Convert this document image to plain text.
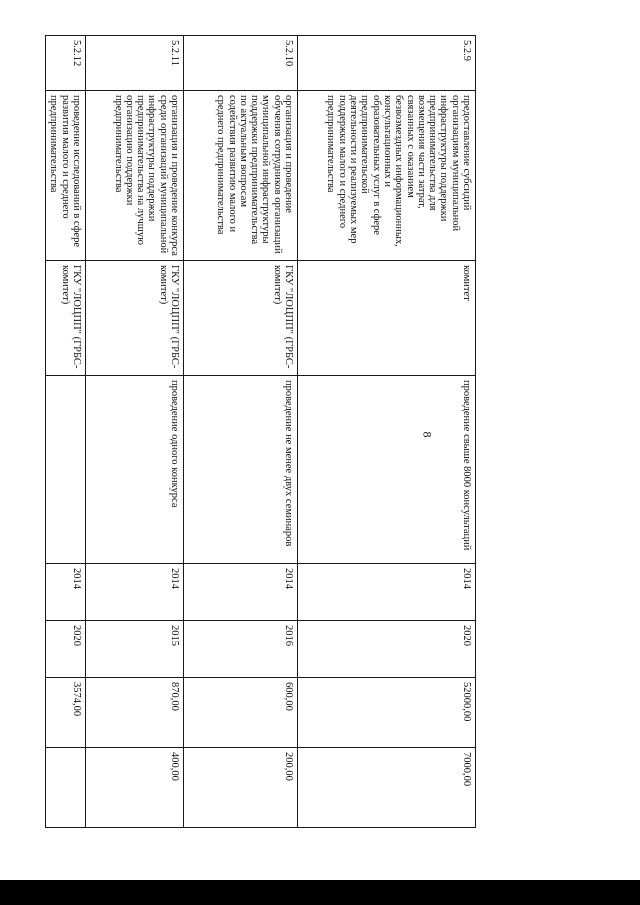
8
5.2.9	предоставление субсидий организациям муниципальной инфраструктуры поддержки предпринимательства для возмещения части затрат, связанных с оказанием безвозмездных информационных, консультационных и образовательных услуг в сфере предпринимательской деятельности и реализуемых мер поддержки малого и среднего предпринимательства	комитет	проведение свыше 8000 консультаций	2014	2020	52000,00	7000,00
5.2.10	организация и проведение обучения сотрудников организаций муниципальной инфраструктуры поддержки предпринимательства по актуальным вопросам содействия развитию малого и среднего предпринимательства	ГКУ "ЛОЦПП" (ГРБС-комитет)	проведение не менее двух семинаров	2014	2016	600,00	200,00
5.2.11	организация и проведение конкурса среди организаций муниципальной инфраструктуры поддержки предпринимательства на лучшую организацию поддержки предпринимательства	ГКУ "ЛОЦПП" (ГРБС-комитет)	проведение одного конкурса	2014	2015	870,00	400,00
5.2.12	проведение исследований в сфере развития малого и среднего предпринимательства	ГКУ "ЛОЦПП" (ГРБС-комитет)		2014	2020	3574,00	
